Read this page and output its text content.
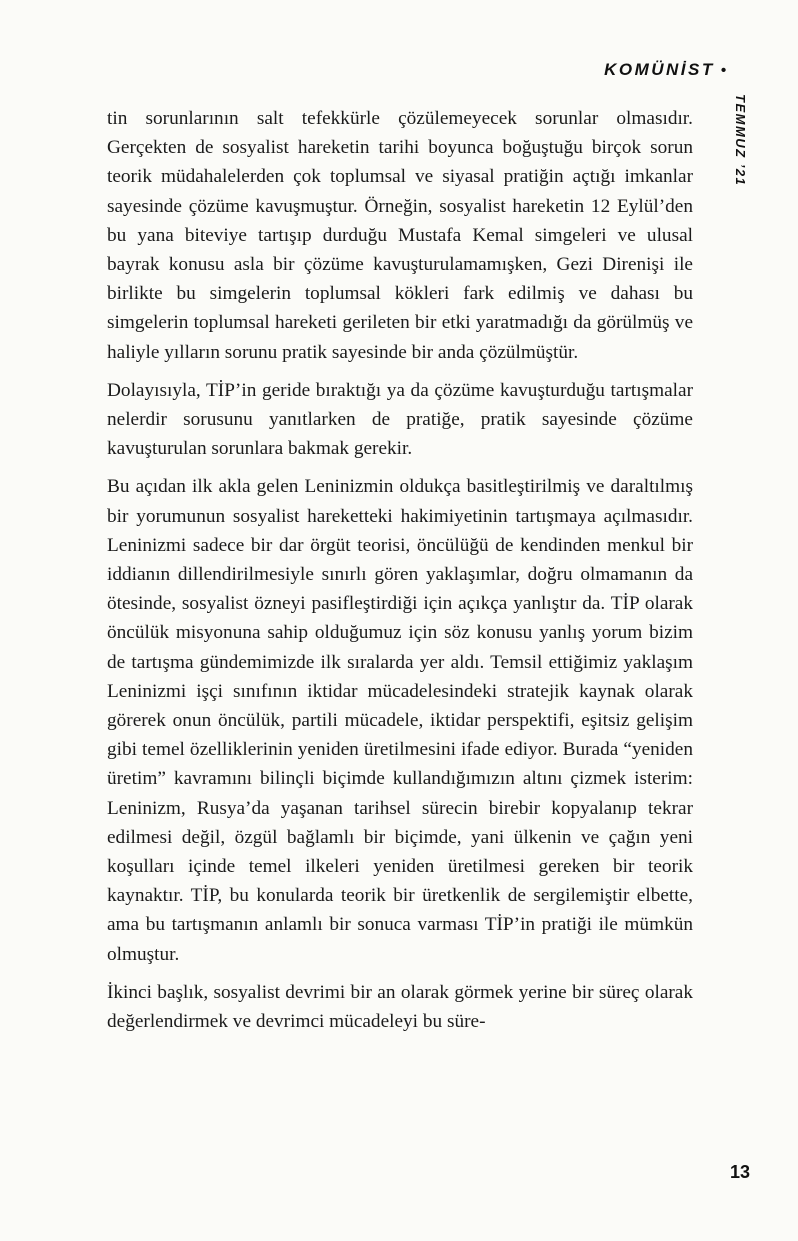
KOMÜNİST •
TEMMUZ ’21

tin sorunlarının salt tefekkürle çözülemeyecek sorunlar olmasıdır. Gerçekten de sosyalist hareketin tarihi boyunca boğuştuğu birçok sorun teorik müdahalelerden çok toplumsal ve siyasal pratiğin açtığı imkanlar sayesinde çözüme kavuşmuştur. Örneğin, sosyalist hareketin 12 Eylül’den bu yana biteviye tartışıp durduğu Mustafa Kemal simgeleri ve ulusal bayrak konusu asla bir çözüme kavuşturulamamışken, Gezi Direnişi ile birlikte bu simgelerin toplumsal kökleri fark edilmiş ve dahası bu simgelerin toplumsal hareketi gerileten bir etki yaratmadığı da görülmüş ve haliyle yılların sorunu pratik sayesinde bir anda çözülmüştür.

Dolayısıyla, TİP’in geride bıraktığı ya da çözüme kavuşturduğu tartışmalar nelerdir sorusunu yanıtlarken de pratiğe, pratik sayesinde çözüme kavuşturulan sorunlara bakmak gerekir.

Bu açıdan ilk akla gelen Leninizmin oldukça basitleştirilmiş ve daraltılmış bir yorumunun sosyalist hareketteki hakimiyetinin tartışmaya açılmasıdır. Leninizmi sadece bir dar örgüt teorisi, öncülüğü de kendinden menkul bir iddianın dillendirilmesiyle sınırlı gören yaklaşımlar, doğru olmamanın da ötesinde, sosyalist özneyi pasifleştirdiği için açıkça yanlıştır da. TİP olarak öncülük misyonuna sahip olduğumuz için söz konusu yanlış yorum bizim de tartışma gündemimizde ilk sıralarda yer aldı. Temsil ettiğimiz yaklaşım Leninizmi işçi sınıfının iktidar mücadelesindeki stratejik kaynak olarak görerek onun öncülük, partili mücadele, iktidar perspektifi, eşitsiz gelişim gibi temel özelliklerinin yeniden üretilmesini ifade ediyor. Burada “yeniden üretim” kavramını bilinçli biçimde kullandığımızın altını çizmek isterim: Leninizm, Rusya’da yaşanan tarihsel sürecin birebir kopyalanıp tekrar edilmesi değil, özgül bağlamlı bir biçimde, yani ülkenin ve çağın yeni koşulları içinde temel ilkeleri yeniden üretilmesi gereken bir teorik kaynaktır. TİP, bu konularda teorik bir üretkenlik de sergilemiştir elbette, ama bu tartışmanın anlamlı bir sonuca varması TİP’in pratiği ile mümkün olmuştur.

İkinci başlık, sosyalist devrimi bir an olarak görmek yerine bir süreç olarak değerlendirmek ve devrimci mücadeleyi bu süre-

13
